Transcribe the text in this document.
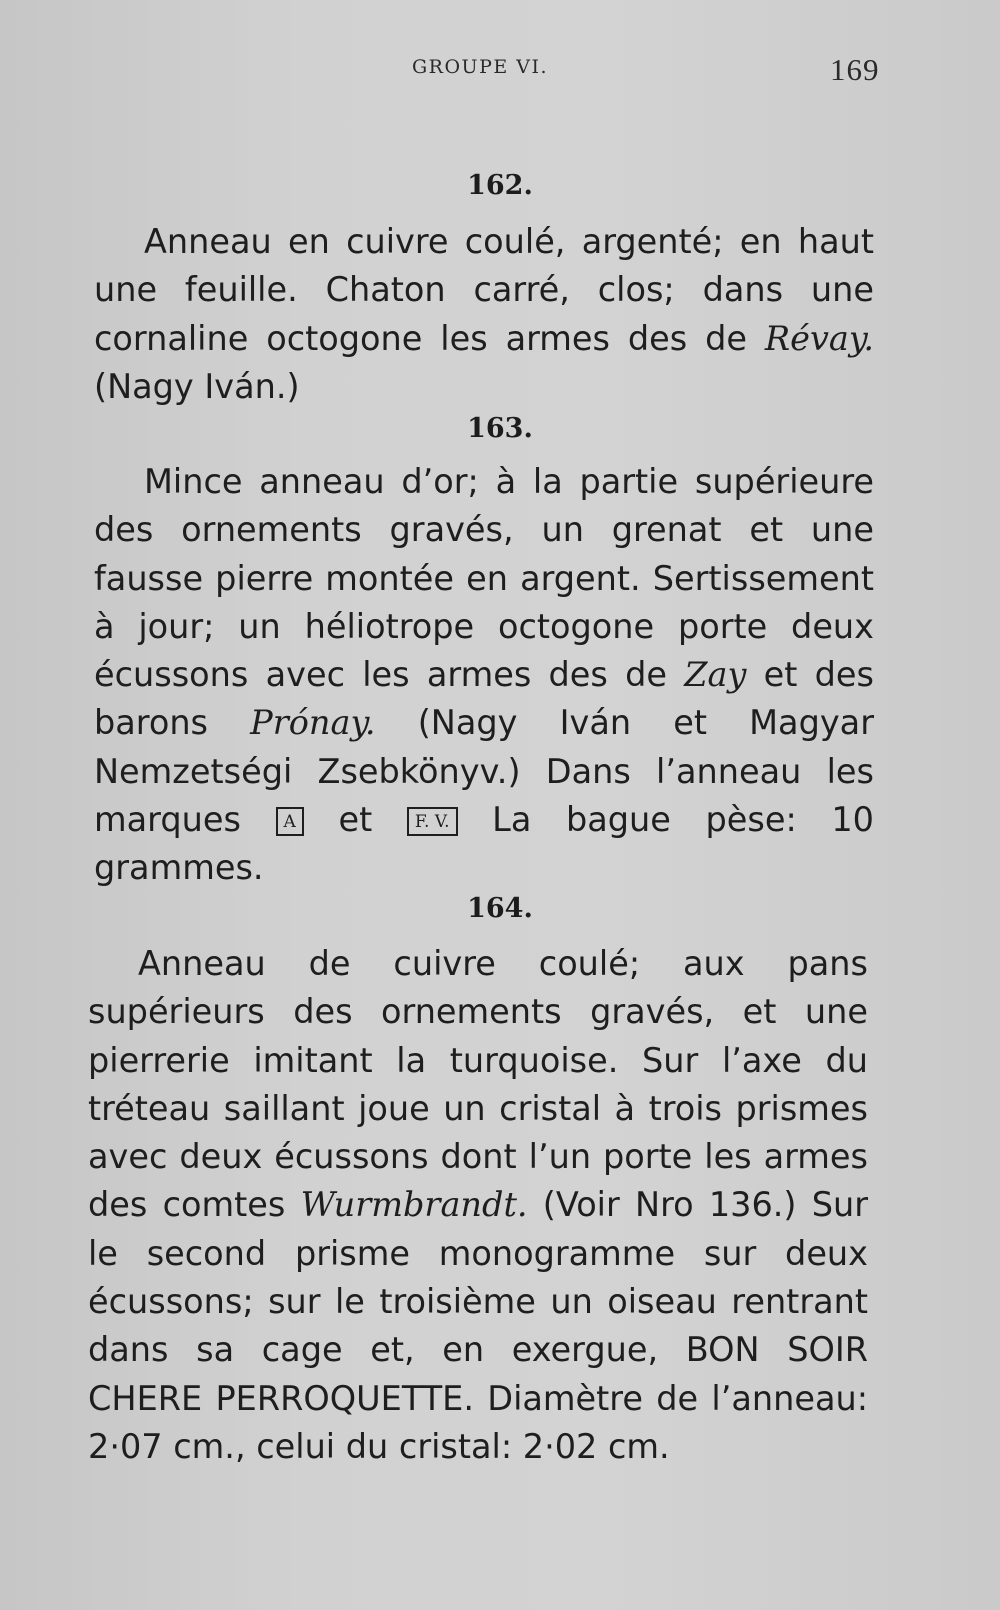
GROUPE VI.	169
162.

Anneau en cuivre coulé, argenté; en haut une feuille. Chaton carré, clos; dans une cornaline octogone les armes des de Révay. (Nagy Iván.)

163.

Mince anneau d’or; à la partie supérieure des ornements gravés, un grenat et une fausse pierre montée en argent. Sertissement à jour; un héliotrope octogone porte deux écussons avec les armes des de Zay et des barons Prónay. (Nagy Iván et Magyar Nemzetségi Zsebkönyv.) Dans l’anneau les marques A et F. V. La bague pèse: 10 grammes.

164.

Anneau de cuivre coulé; aux pans supérieurs des ornements gravés, et une pierrerie imitant la turquoise. Sur l’axe du tréteau saillant joue un cristal à trois prismes avec deux écussons dont l’un porte les armes des comtes Wurmbrandt. (Voir Nro 136.) Sur le second prisme monogramme sur deux écussons; sur le troisième un oiseau rentrant dans sa cage et, en exergue, BON SOIR CHERE PERROQUETTE. Diamètre de l’anneau: 2·07 cm., celui du cristal: 2·02 cm.
